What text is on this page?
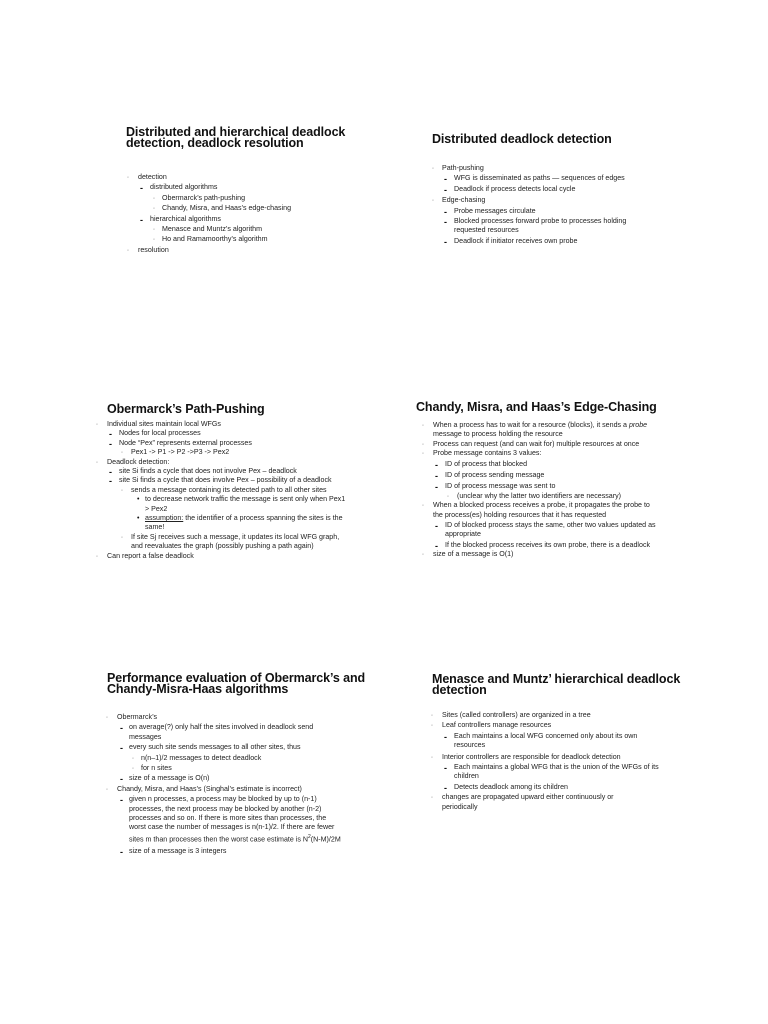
Distributed and hierarchical deadlock detection, deadlock resolution
◦
detection
-
distributed algorithms
◦
Obermarck’s path-pushing
◦
Chandy, Misra, and Haas’s edge-chasing
-
hierarchical algorithms
◦
Menasce and Muntz’s algorithm
◦
Ho and Ramamoorthy’s algorithm
◦
resolution
Distributed deadlock detection
◦
Path-pushing
-
WFG is disseminated as paths — sequences of edges
-
Deadlock if process detects local cycle
◦
Edge-chasing
-
Probe messages circulate
-
Blocked processes forward probe to processes holding requested resources
-
Deadlock if initiator receives own probe
Obermarck’s Path-Pushing
◦
Individual sites maintain local WFGs
-
Nodes for local processes
-
Node “Pex” represents external processes
◦
Pex1 -> P1 -> P2 ->P3 -> Pex2
◦
Deadlock detection:
-
site Si finds a cycle that does not involve Pex – deadlock
-
site Si finds a cycle that does involve Pex – possibility of a deadlock
◦
sends a message containing its detected path to all other sites
•
to decrease network traffic the message is sent only when Pex1 > Pex2
•
assumption: the identifier of a process spanning the sites is the same!
◦
If site Sj receives such a message, it updates its local WFG graph, and reevaluates the graph (possibly pushing a path again)
◦
Can report a false deadlock
Chandy, Misra, and Haas’s Edge-Chasing
◦
When a process has to wait for a resource (blocks), it sends a probe message to process holding the resource
◦
Process can request (and can wait for) multiple resources at once
◦
Probe message contains 3 values:
-
ID of process that blocked
-
ID of process sending message
-
ID of process message was sent to
◦
(unclear why the latter two identifiers are necessary)
◦
When a blocked process receives a probe, it propagates the probe to the process(es) holding resources that it has requested
-
ID of blocked process stays the same, other two values updated as appropriate
-
If the blocked process receives its own probe, there is a deadlock
◦
size of a message is O(1)
Performance evaluation of Obermarck’s and Chandy-Misra-Haas algorithms
◦
Obermarck’s
-
on average(?) only half the sites involved in deadlock send messages
-
every such site sends messages to all other sites, thus
◦
n(n–1)/2 messages to detect deadlock
◦
for n sites
-
size of a message is O(n)
◦
Chandy, Misra, and Haas’s (Singhal’s estimate is incorrect)
-
given n processes, a process may be blocked by up to (n-1) processes, the next process may be blocked by another (n-2) processes and so on. If there is more sites than processes, the worst case the number of messages is n(n-1)/2. If there are fewer sites m than processes then the worst case estimate is $N^2(N-M)/2M$
-
size of a message is 3 integers
Menasce and Muntz’ hierarchical deadlock detection
◦
Sites (called controllers) are organized in a tree
◦
Leaf controllers manage resources
-
Each maintains a local WFG concerned only about its own resources
◦
Interior controllers are responsible for deadlock detection
-
Each maintains a global WFG that is the union of the WFGs of its children
-
Detects deadlock among its children
◦
changes are propagated upward either continuously or periodically
